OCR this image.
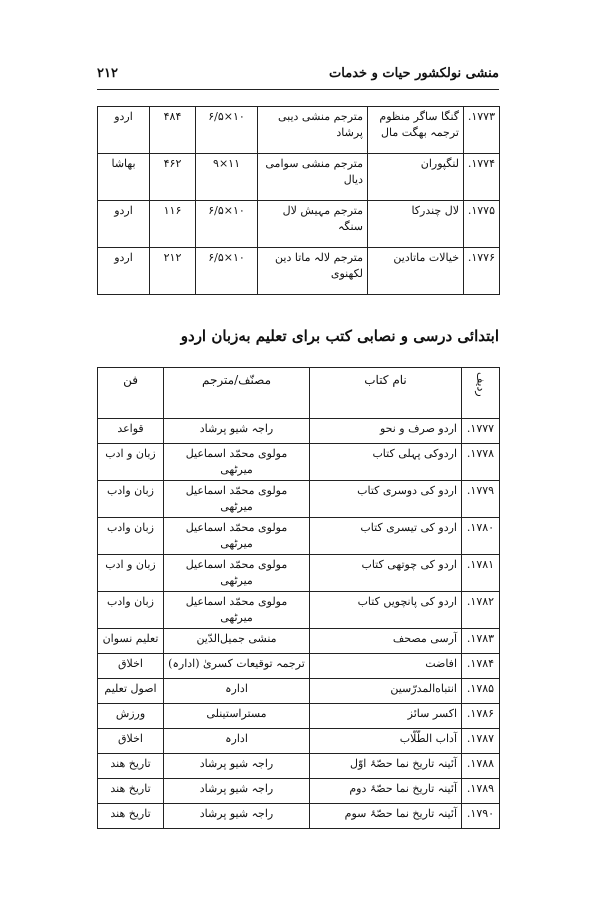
منشی نولکشور حیات و خدمات
۲۱۲
۱۷۷۳.	گنگا ساگر منظوم ترجمہ بھگت مال	مترجم منشی دیبی پرشاد	۱۰×۶/۵	۴۸۴	اردو
۱۷۷۴.	لنگپوران	مترجم منشی سوامی دیال	۱۱×۹	۴۶۲	بھاشا
۱۷۷۵.	لال چندرکا	مترجم مہیش لال سنگہ	۱۰×۶/۵	۱۱۶	اردو
۱۷۷۶.	خیالات ماتادین	مترجم لالہ ماتا دین لکھنوی	۱۰×۶/۵	۲۱۲	اردو
ابتدائی درسی و نصابی کتب برای تعلیم به‌زبان اردو
ردیف	نام کتاب	مصنّف/مترجم	فن
۱۷۷۷.	اردو صرف و نحو	راجہ شیو پرشاد	قواعد
۱۷۷۸.	اردوکی پہلی کتاب	مولوی محمّد اسماعیل میرٹھی	زبان و ادب
۱۷۷۹.	اردو کی دوسری کتاب	مولوی محمّد اسماعیل میرٹھی	زبان وادب
۱۷۸۰.	اردو کی تیسری کتاب	مولوی محمّد اسماعیل میرٹھی	زبان وادب
۱۷۸۱.	اردو کی چوتھی کتاب	مولوی محمّد اسماعیل میرٹھی	زبان و ادب
۱۷۸۲.	اردو کی پانچویں کتاب	مولوی محمّد اسماعیل میرٹھی	زبان وادب
۱۷۸۳.	آرسی مصحف	منشی جمیل‌الدّین	تعلیم نسوان
۱۷۸۴.	افاضت	ترجمہ توقیعات کسریٰ (ادارہ)	اخلاق
۱۷۸۵.	انتباه‌المدرّسین	ادارہ	اصول تعلیم
۱۷۸۶.	اکسر سائز	مستراستینلی	ورزش
۱۷۸۷.	آداب الطّلّاب	ادارہ	اخلاق
۱۷۸۸.	آئینہ تاریخ نما حصّۂ اوّل	راجہ شیو پرشاد	تاریخ هند
۱۷۸۹.	آئینہ تاریخ نما حصّۂ دوم	راجہ شیو پرشاد	تاریخ هند
۱۷۹۰.	آئینہ تاریخ نما حصّۂ سوم	راجہ شیو پرشاد	تاریخ هند
